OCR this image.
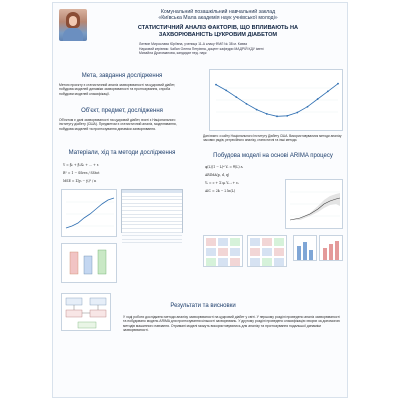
Комунальний позашкільний навчальний заклад
«Київська Мала академія наук учнівської молоді»
СТАТИСТИЧНИЙ АНАЛІЗ ФАКТОРІВ, ЩО ВПЛИВАЮТЬ НА
ЗАХВОРЮВАНІСТЬ ЦУКРОВИМ ДІАБЕТОМ
Литвин Мирослава Юріївна, учениця 11-А класу ФМЛ № 38 м. Києва
Науковий керівник: Чабан Олена Петрівна, доцент кафедри МАДРІЙ КДУ імені
Михайла Драгоманова, кандидат пед. наук
Мета, завдання дослідження
Метою проєкту є статистичний аналіз захворюваності на цукровий діабет, побудова моделей динаміки захворюваності та прогнозування, спроба побудови моделей класифікації.
Об'єкт, предмет, дослідження
Об'єктом є дані захворюваності на цукровий діабет, взяті з Національного інституту діабету (США). Предметом є статистичний аналіз, моделювання, побудова моделей та прогнозування динаміки захворювання.
Матеріали, хід та методи дослідження
Y = β₀ + β₁X₁ + … + ε
R² = 1 − SSres / SStot
MSE = Σ(yᵢ − ŷᵢ)² / n
Дані взято з сайту Національного Інституту Діабету США. Використовувалися методи аналізу часових рядів, регресійного аналізу, статистичні та інші методи.
Побудова моделі на основі ARIMA процесу
φ(L)(1 − L)ᵈ Yₜ = θ(L) εₜ
ARIMA(p, d, q)
Yₜ = c + Σ φᵢ Yₜ₋ᵢ + εₜ
AIC = 2k − 2 ln(L)
Результати та висновки
У ході роботи досліджено методи аналізу захворюваності на цукровий діабет у світі. У першому розділі проведено аналіз захворюваності та побудовано модель ARIMA для прогнозування кількості захворювань. У другому розділі проведено класифікацію хворих за допомогою методів машинного навчання. Отримані моделі можуть використовуватись для аналізу та прогнозування подальшої динаміки захворюваності.
